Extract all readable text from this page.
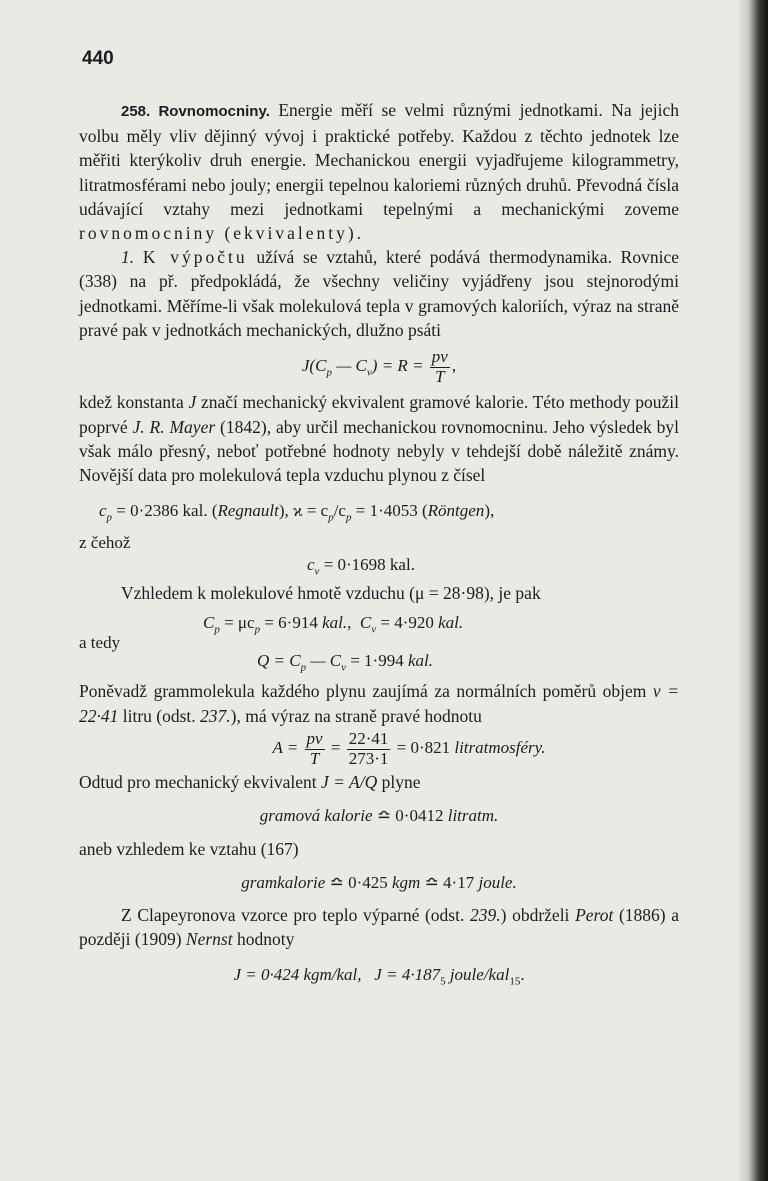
440

258. Rovnomocniny. Energie měří se velmi různými jednotkami. Na jejich volbu měly vliv dějinný vývoj i praktické potřeby. Každou z těchto jednotek lze měřiti kterýkoliv druh energie. Mechanickou energii vyjadřujeme kilogrammetry, litratmosférami nebo jouly; energii tepelnou kaloriemi různých druhů. Převodná čísla udávající vztahy mezi jednotkami tepelnými a mechanickými zoveme rovnomocniny (ekvivalenty).

1. K výpočtu užívá se vztahů, které podává thermodynamika. Rovnice (338) na př. předpokládá, že všechny veličiny vyjádřeny jsou stejnorodými jednotkami. Měříme-li však molekulová tepla v gramových kaloriích, výraz na straně pravé pak v jednotkách mechanických, dlužno psáti

$J(C_p$ — $C_v) = R = \frac{pv}{T}$ ,

kdež konstanta J značí mechanický ekvivalent gramové kalorie. Této methody použil poprvé J. R. Mayer (1842), aby určil mechanickou rovnomocninu. Jeho výsledek byl však málo přesný, neboť potřebné hodnoty nebyly v tehdejší době náležitě známy. Novější data pro molekulová tepla vzduchu plynou z čísel

$c_p = 0\cdot 2386$ kal. (Regnault), $ϰ = c_p/c_p = 1\cdot 4053$ (Röntgen),
z čehož
$c_v = 0\cdot 1698$ kal.

Vzhledem k molekulové hmotě vzduchu (μ = 28·98), je pak

$C_p = \mu c_p = 6\cdot 914$ kal., $C_v = 4\cdot 920$ kal.
a tedy
$Q = C_p$ — $C_v = 1\cdot 994$ kal.

Poněvadž grammolekula každého plynu zaujímá za normálních poměrů objem v = 22·41 litru (odst. 237.), má výraz na straně pravé hodnotu

$A = \frac{pv}{T} = \frac{22\cdot 41}{273\cdot 1} = 0\cdot 821$ litratmosféry.

Odtud pro mechanický ekvivalent J = A/Q plyne

gramová kalorie ≏ 0·0412 litratm.

aneb vzhledem ke vztahu (167)

gramkalorie ≏ 0·425 kgm ≏ 4·17 joule.

Z Clapeyronova vzorce pro teplo výparné (odst. 239.) obdrželi Perot (1886) a později (1909) Nernst hodnoty

J = 0·424 kgm/kal, $J = 4\cdot 187_5$ joule/kal$_{15}$.
